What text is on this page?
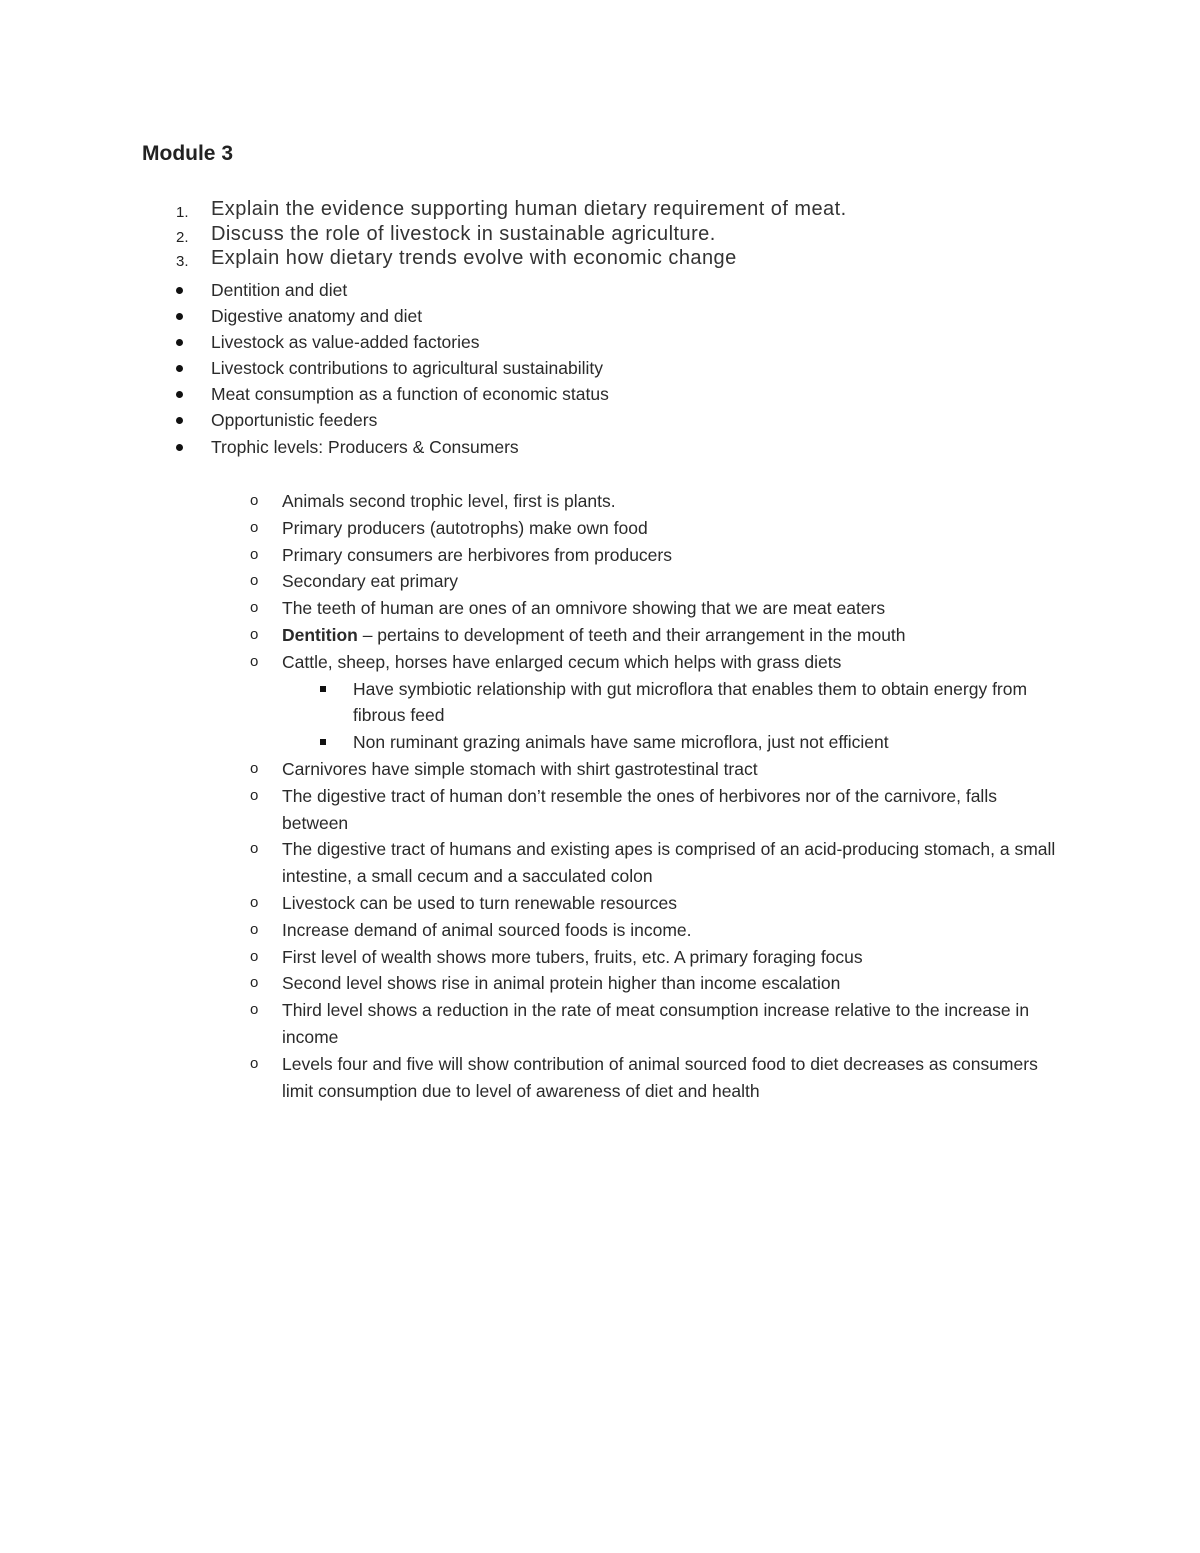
Module 3
1. Explain the evidence supporting human dietary requirement of meat.
2. Discuss the role of livestock in sustainable agriculture.
3. Explain how dietary trends evolve with economic change
Dentition and diet
Digestive anatomy and diet
Livestock as value-added factories
Livestock contributions to agricultural sustainability
Meat consumption as a function of economic status
Opportunistic feeders
Trophic levels: Producers & Consumers
o Animals second trophic level, first is plants.
o Primary producers (autotrophs) make own food
o Primary consumers are herbivores from producers
o Secondary eat primary
o The teeth of human are ones of an omnivore showing that we are meat eaters
o Dentition – pertains to development of teeth and their arrangement in the mouth
o Cattle, sheep, horses have enlarged cecum which helps with grass diets
Have symbiotic relationship with gut microflora that enables them to obtain energy from fibrous feed
Non ruminant grazing animals have same microflora, just not efficient
o Carnivores have simple stomach with shirt gastrotestinal tract
o The digestive tract of human don’t resemble the ones of herbivores nor of the carnivore, falls between
o The digestive tract of humans and existing apes is comprised of an acid-producing stomach, a small intestine, a small cecum and a sacculated colon
o Livestock can be used to turn renewable resources
o Increase demand of animal sourced foods is income.
o First level of wealth shows more tubers, fruits, etc. A primary foraging focus
o Second level shows rise in animal protein higher than income escalation
o Third level shows a reduction in the rate of meat consumption increase relative to the increase in income
o Levels four and five will show contribution of animal sourced food to diet decreases as consumers limit consumption due to level of awareness of diet and health
